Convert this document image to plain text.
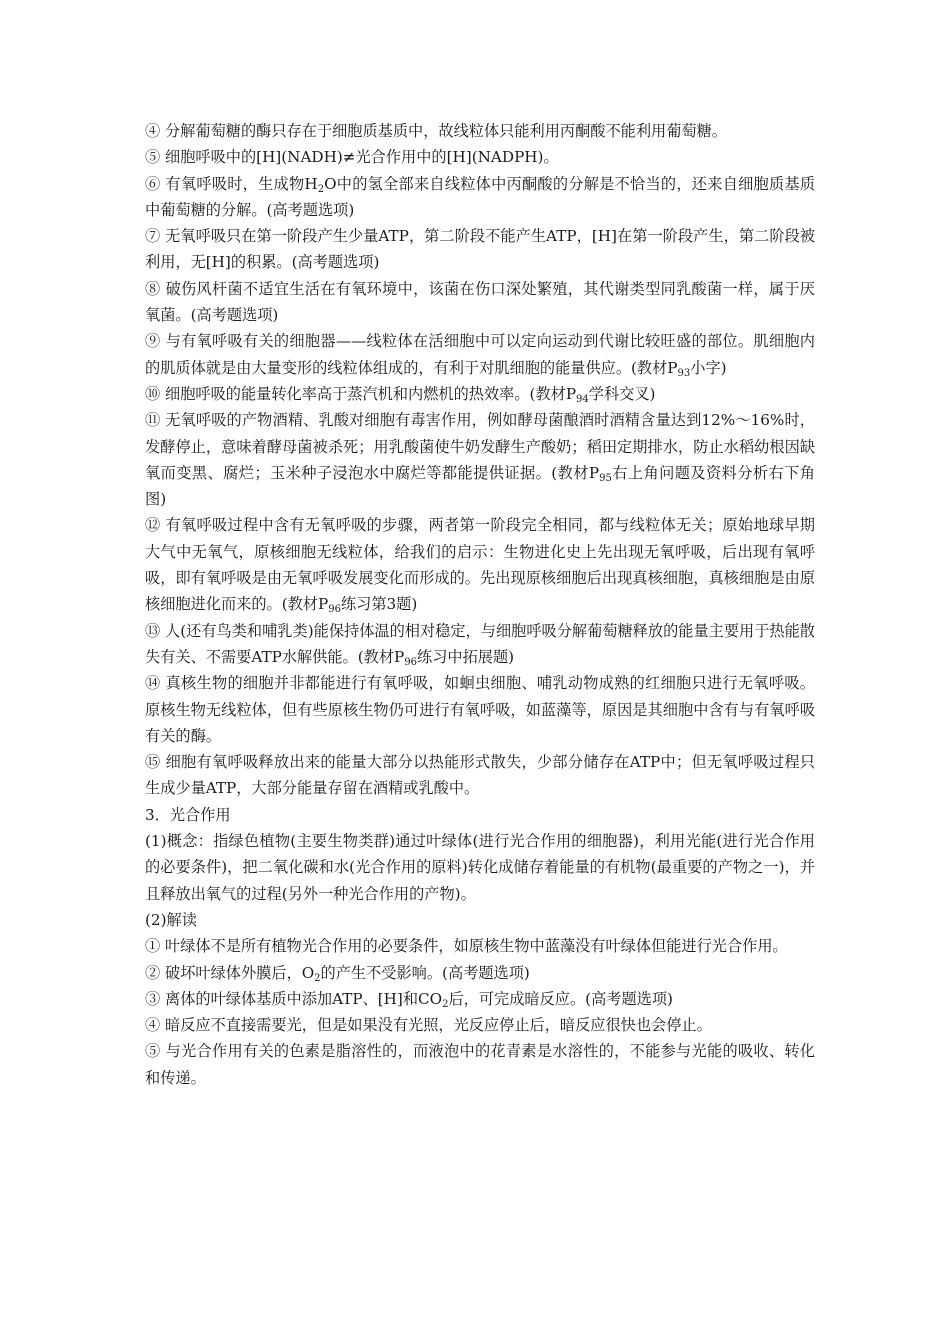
④ 分解葡萄糖的酶只存在于细胞质基质中，故线粒体只能利用丙酮酸不能利用葡萄糖。

⑤ 细胞呼吸中的[H](NADH)≠光合作用中的[H](NADPH)。

⑥ 有氧呼吸时，生成物$H_2O$中的氢全部来自线粒体中丙酮酸的分解是不恰当的，还来自细胞质基质中葡萄糖的分解。(高考题选项)

⑦ 无氧呼吸只在第一阶段产生少量ATP，第二阶段不能产生ATP，[H]在第一阶段产生，第二阶段被利用，无[H]的积累。(高考题选项)

⑧ 破伤风杆菌不适宜生活在有氧环境中，该菌在伤口深处繁殖，其代谢类型同乳酸菌一样，属于厌氧菌。(高考题选项)

⑨ 与有氧呼吸有关的细胞器——线粒体在活细胞中可以定向运动到代谢比较旺盛的部位。肌细胞内的肌质体就是由大量变形的线粒体组成的，有利于对肌细胞的能量供应。(教材$P_{93}$小字)

⑩ 细胞呼吸的能量转化率高于蒸汽机和内燃机的热效率。(教材$P_{94}$学科交叉)

⑪ 无氧呼吸的产物酒精、乳酸对细胞有毒害作用，例如酵母菌酿酒时酒精含量达到12%～16%时，发酵停止，意味着酵母菌被杀死；用乳酸菌使牛奶发酵生产酸奶；稻田定期排水，防止水稻幼根因缺氧而变黑、腐烂；玉米种子浸泡水中腐烂等都能提供证据。(教材$P_{95}$右上角问题及资料分析右下角图)

⑫ 有氧呼吸过程中含有无氧呼吸的步骤，两者第一阶段完全相同，都与线粒体无关；原始地球早期大气中无氧气，原核细胞无线粒体，给我们的启示：生物进化史上先出现无氧呼吸，后出现有氧呼吸，即有氧呼吸是由无氧呼吸发展变化而形成的。先出现原核细胞后出现真核细胞，真核细胞是由原核细胞进化而来的。(教材$P_{96}$练习第3题)

⑬ 人(还有鸟类和哺乳类)能保持体温的相对稳定，与细胞呼吸分解葡萄糖释放的能量主要用于热能散失有关、不需要ATP水解供能。(教材$P_{96}$练习中拓展题)

⑭ 真核生物的细胞并非都能进行有氧呼吸，如蛔虫细胞、哺乳动物成熟的红细胞只进行无氧呼吸。原核生物无线粒体，但有些原核生物仍可进行有氧呼吸，如蓝藻等，原因是其细胞中含有与有氧呼吸有关的酶。

⑮ 细胞有氧呼吸释放出来的能量大部分以热能形式散失，少部分储存在ATP中；但无氧呼吸过程只生成少量ATP，大部分能量存留在酒精或乳酸中。

3．光合作用

(1)概念：指绿色植物(主要生物类群)通过叶绿体(进行光合作用的细胞器)，利用光能(进行光合作用的必要条件)，把二氧化碳和水(光合作用的原料)转化成储存着能量的有机物(最重要的产物之一)，并且释放出氧气的过程(另外一种光合作用的产物)。

(2)解读

① 叶绿体不是所有植物光合作用的必要条件，如原核生物中蓝藻没有叶绿体但能进行光合作用。

② 破坏叶绿体外膜后，$O_2$的产生不受影响。(高考题选项)

③ 离体的叶绿体基质中添加ATP、[H]和$CO_2$后，可完成暗反应。(高考题选项)

④ 暗反应不直接需要光，但是如果没有光照，光反应停止后，暗反应很快也会停止。

⑤ 与光合作用有关的色素是脂溶性的，而液泡中的花青素是水溶性的，不能参与光能的吸收、转化和传递。
